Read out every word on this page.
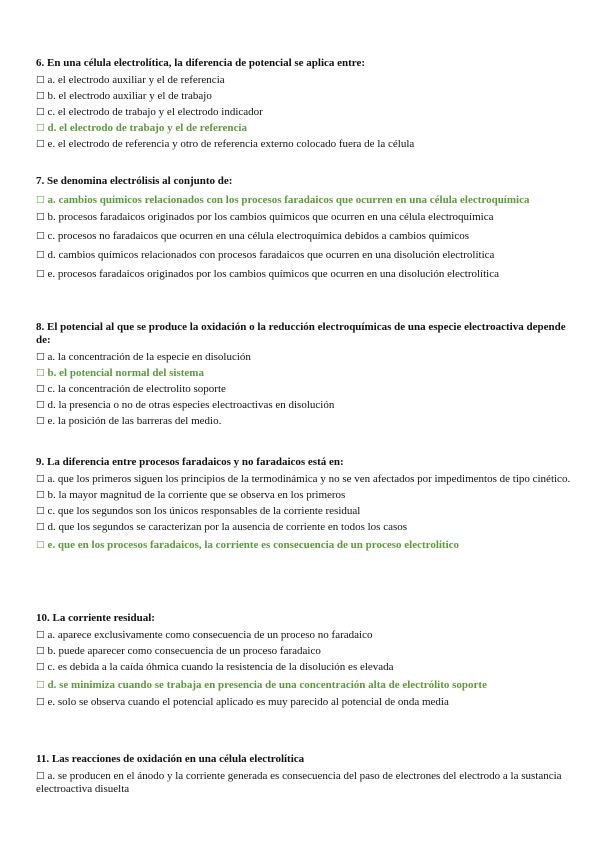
6. En una célula electrolítica, la diferencia de potencial se aplica entre:
□ a. el electrodo auxiliar y el de referencia
□ b. el electrodo auxiliar y el de trabajo
□ c. el electrodo de trabajo y el electrodo indicador
□ d. el electrodo de trabajo y el de referencia
□ e. el electrodo de referencia y otro de referencia externo colocado fuera de la célula
7. Se denomina electrólisis al conjunto de:
□ a. cambios químicos relacionados con los procesos faradaicos que ocurren en una célula electroquímica
□ b. procesos faradaicos originados por los cambios químicos que ocurren en una célula electroquímica
□ c. procesos no faradaicos que ocurren en una célula electroquímica debidos a cambios químicos
□ d. cambios químicos relacionados con procesos faradaicos que ocurren en una disolución electrolítica
□ e. procesos faradaicos originados por los cambios químicos que ocurren en una disolución electrolítica
8. El potencial al que se produce la oxidación o la reducción electroquímicas de una especie electroactiva depende de:
□ a. la concentración de la especie en disolución
□ b. el potencial normal del sistema
□ c. la concentración de electrolito soporte
□ d. la presencia o no de otras especies electroactivas en disolución
□ e. la posición de las barreras del medio.
9. La diferencia entre procesos faradaicos y no faradaicos está en:
□ a. que los primeros siguen los principios de la termodinámica y no se ven afectados por impedimentos de tipo cinético.
□ b. la mayor magnitud de la corriente que se observa en los primeros
□ c. que los segundos son los únicos responsables de la corriente residual
□ d. que los segundos se caracterizan por la ausencia de corriente en todos los casos
□ e. que en los procesos faradaicos, la corriente es consecuencia de un proceso electrolítico
10. La corriente residual:
□ a. aparece exclusivamente como consecuencia de un proceso no faradaico
□ b. puede aparecer como consecuencia de un proceso faradaico
□ c. es debida a la caída óhmica cuando la resistencia de la disolución es elevada
□ d. se minimiza cuando se trabaja en presencia de una concentración alta de electrólito soporte
□ e. solo se observa cuando el potencial aplicado es muy parecido al potencial de onda media
11. Las reacciones de oxidación en una célula electrolítica
□ a. se producen en el ánodo y la corriente generada es consecuencia del paso de electrones del electrodo a la sustancia electroactiva disuelta
